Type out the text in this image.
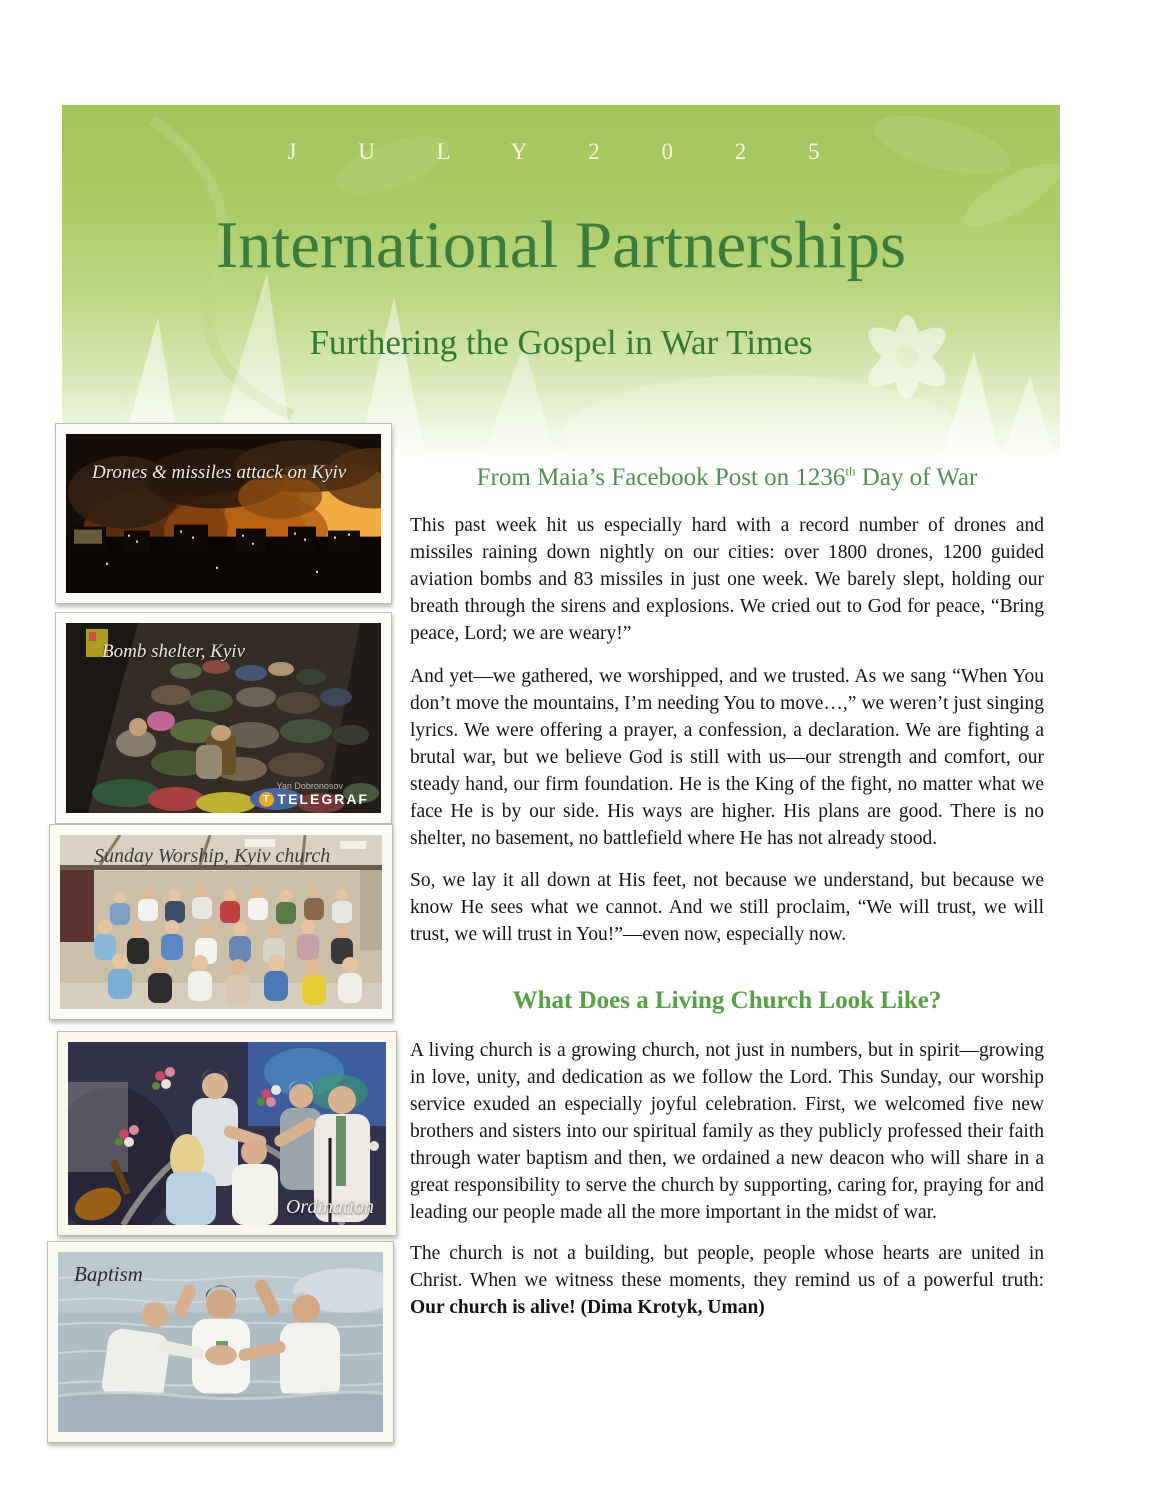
J U L Y 2 0 2 5
International Partnerships
Furthering the Gospel in War Times
Drones & missiles attack on Kyiv
Bomb shelter, Kyiv
Yan Dobronosov
T TELEGRAF
Sunday Worship, Kyiv church
Ordination
Baptism
From Maia’s Facebook Post on 1236th Day of War

This past week hit us especially hard with a record number of drones and missiles raining down nightly on our cities: over 1800 drones, 1200 guided aviation bombs and 83 missiles in just one week. We barely slept, holding our breath through the sirens and explosions. We cried out to God for peace, “Bring peace, Lord; we are weary!”

And yet—we gathered, we worshipped, and we trusted. As we sang “When You don’t move the mountains, I’m needing You to move…,” we weren’t just singing lyrics. We were offering a prayer, a confession, a declaration. We are fighting a brutal war, but we believe God is still with us—our strength and comfort, our steady hand, our firm foundation. He is the King of the fight, no matter what we face He is by our side. His ways are higher. His plans are good. There is no shelter, no basement, no battlefield where He has not already stood.

So, we lay it all down at His feet, not because we understand, but because we know He sees what we cannot. And we still proclaim, “We will trust, we will trust, we will trust in You!”—even now, especially now.

What Does a Living Church Look Like?

A living church is a growing church, not just in numbers, but in spirit—growing in love, unity, and dedication as we follow the Lord. This Sunday, our worship service exuded an especially joyful celebration. First, we welcomed five new brothers and sisters into our spiritual family as they publicly professed their faith through water baptism and then, we ordained a new deacon who will share in a great responsibility to serve the church by supporting, caring for, praying for and leading our people made all the more important in the midst of war.

The church is not a building, but people, people whose hearts are united in Christ. When we witness these moments, they remind us of a powerful truth: Our church is alive! (Dima Krotyk, Uman)
